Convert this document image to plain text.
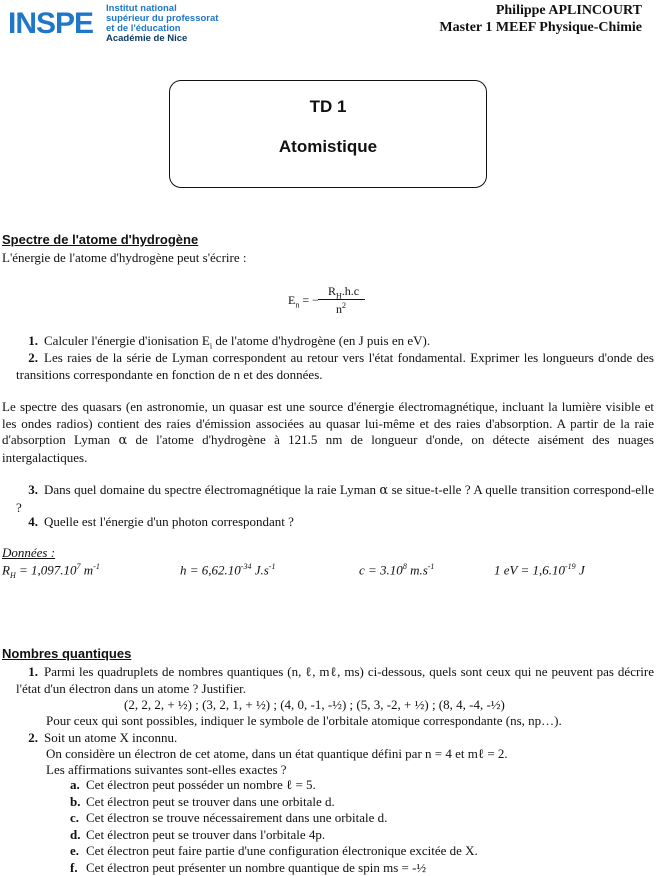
INSPE Institut national
supérieur du professorat
et de l'éducation
Académie de Nice
Philippe APLINCOURT
Master 1 MEEF Physique-Chimie
TD 1
Atomistique
Spectre de l'atome d'hydrogène
L'énergie de l'atome d'hydrogène peut s'écrire :
$E_n$ = −
$R_H.h.c$
$n^2$
1. Calculer l'énergie d'ionisation $E_i$ de l'atome d'hydrogène (en J puis en eV).
2. Les raies de la série de Lyman correspondent au retour vers l'état fondamental. Exprimer les longueurs d'onde des transitions correspondante en fonction de n et des données.
Le spectre des quasars (en astronomie, un quasar est une source d'énergie électromagnétique, incluant la lumière visible et les ondes radios) contient des raies d'émission associées au quasar lui-même et des raies d'absorption. A partir de la raie d'absorption Lyman α de l'atome d'hydrogène à 121.5 nm de longueur d'onde, on détecte aisément des nuages intergalactiques.
3. Dans quel domaine du spectre électromagnétique la raie Lyman α se situe-t-elle ? A quelle transition correspond-elle ?
4. Quelle est l'énergie d'un photon correspondant ?
Données :
$R_H = 1,097.10^7$ $m^{-1}$	$h = 6,62.10^{-34}$ $J.s^{-1}$	$c = 3.10^8$ $m.s^{-1}$	1 eV = $1,6.10^{-19}$ J
Nombres quantiques
1. Parmi les quadruplets de nombres quantiques (n, ℓ, mℓ, ms) ci-dessous, quels sont ceux qui ne peuvent pas décrire l'état d'un électron dans un atome ? Justifier.
(2, 2, 2, + ½) ; (3, 2, 1, + ½) ; (4, 0, -1, -½) ; (5, 3, -2, + ½) ; (8, 4, -4, -½)
Pour ceux qui sont possibles, indiquer le symbole de l'orbitale atomique correspondante (ns, np…).
2. Soit un atome X inconnu.
On considère un électron de cet atome, dans un état quantique défini par n = 4 et mℓ = 2.
Les affirmations suivantes sont-elles exactes ?
a. Cet électron peut posséder un nombre ℓ = 5.
b. Cet électron peut se trouver dans une orbitale d.
c. Cet électron se trouve nécessairement dans une orbitale d.
d. Cet électron peut se trouver dans l'orbitale 4p.
e. Cet électron peut faire partie d'une configuration électronique excitée de X.
f. Cet électron peut présenter un nombre quantique de spin ms = -½
